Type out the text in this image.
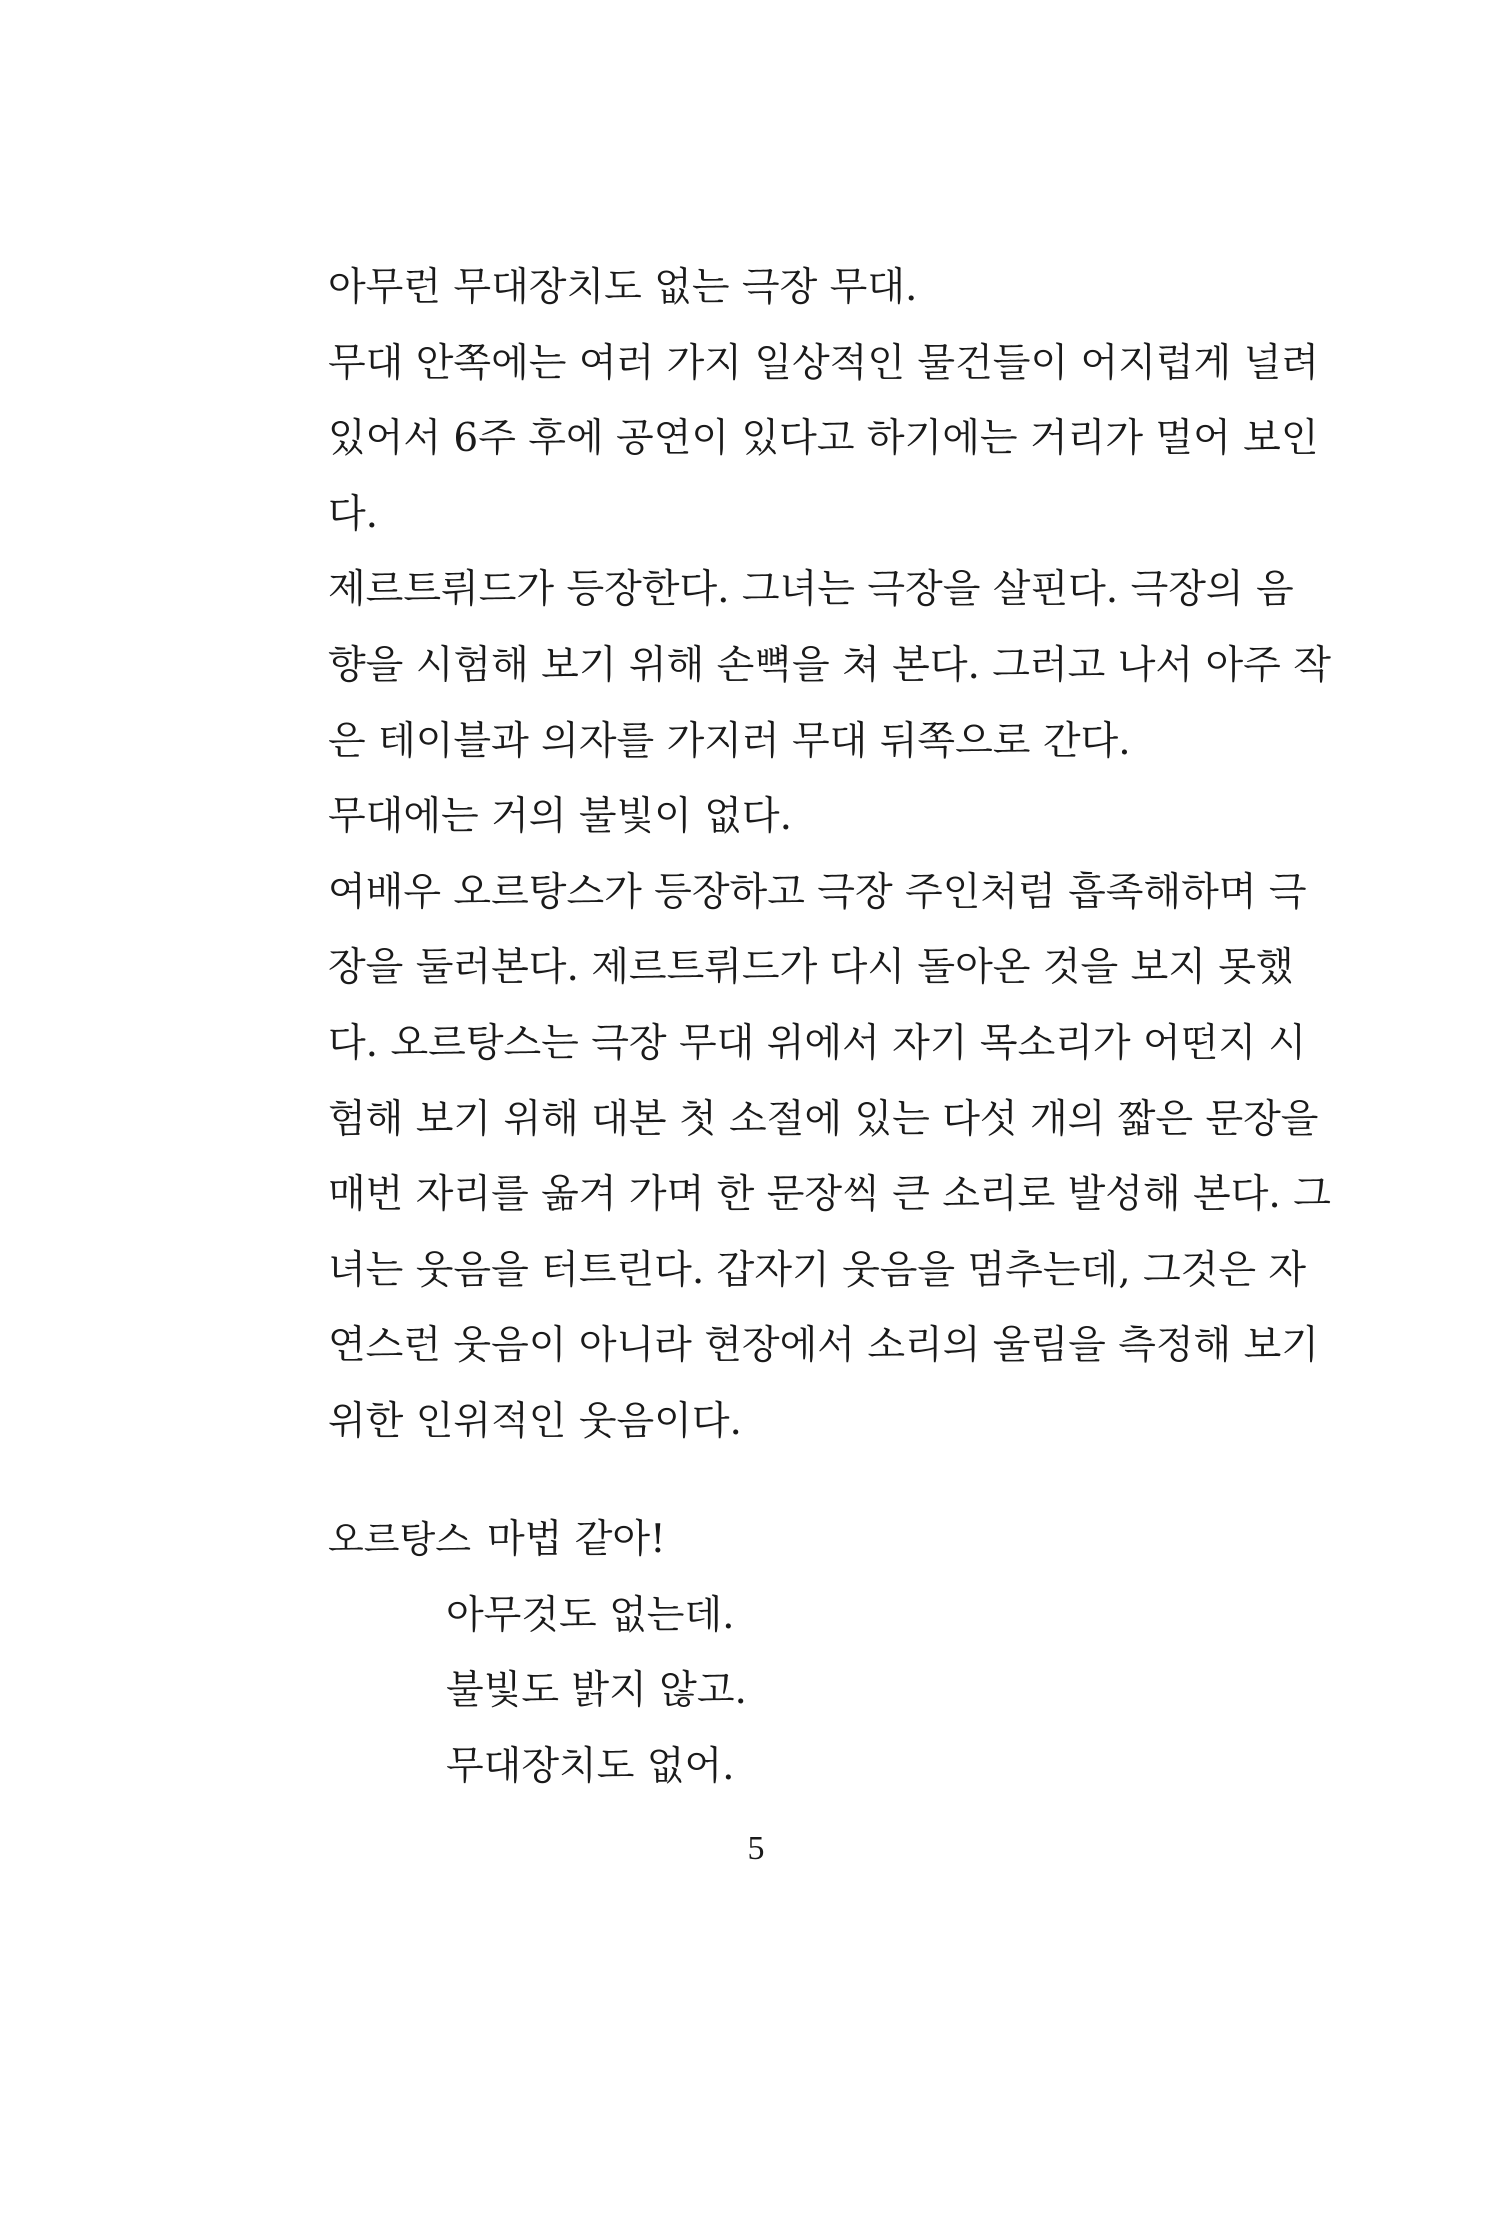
아무런 무대장치도 없는 극장 무대.
무대 안쪽에는 여러 가지 일상적인 물건들이 어지럽게 널려
있어서 6주 후에 공연이 있다고 하기에는 거리가 멀어 보인
다.
제르트뤼드가 등장한다. 그녀는 극장을 살핀다. 극장의 음
향을 시험해 보기 위해 손뼉을 쳐 본다. 그러고 나서 아주 작
은 테이블과 의자를 가지러 무대 뒤쪽으로 간다.
무대에는 거의 불빛이 없다.
여배우 오르탕스가 등장하고 극장 주인처럼 흡족해하며 극
장을 둘러본다. 제르트뤼드가 다시 돌아온 것을 보지 못했
다. 오르탕스는 극장 무대 위에서 자기 목소리가 어떤지 시
험해 보기 위해 대본 첫 소절에 있는 다섯 개의 짧은 문장을
매번 자리를 옮겨 가며 한 문장씩 큰 소리로 발성해 본다. 그
녀는 웃음을 터트린다. 갑자기 웃음을 멈추는데, 그것은 자
연스런 웃음이 아니라 현장에서 소리의 울림을 측정해 보기
위한 인위적인 웃음이다.
오르탕스 마법 같아!
아무것도 없는데.
불빛도 밝지 않고.
무대장치도 없어.
5
